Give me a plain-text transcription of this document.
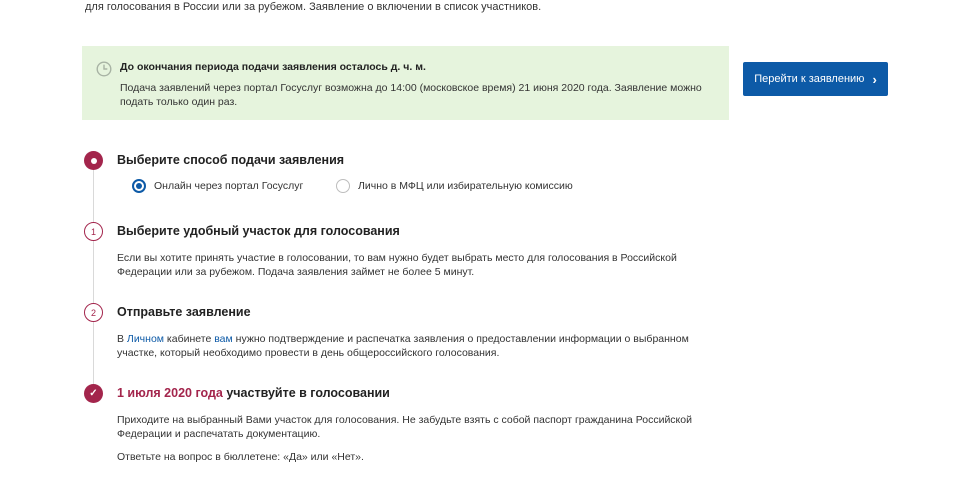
для голосования в России или за рубежом. Заявление о включении в список участников.
До окончания периода подачи заявления осталось д. ч. м.
Подача заявлений через портал Госуслуг возможна до 14:00 (московское время) 21 июня 2020 года. Заявление можно подать только один раз.
Перейти к заявлению ›
Выберите способ подачи заявления
Онлайн через портал Госуслуг	Лично в МФЦ или избирательную комиссию
1 Выберите удобный участок для голосования
Если вы хотите принять участие в голосовании, то вам нужно будет выбрать место для голосования в Российской Федерации или за рубежом. Подача заявления займет не более 5 минут.
2 Отправьте заявление
В Личном кабинете вам нужно подтверждение и распечатка заявления о предоставлении информации о выбранном участке, который необходимо провести в день общероссийского голосования.
✓ 1 июля 2020 года участвуйте в голосовании
Приходите на выбранный Вами участок для голосования. Не забудьте взять с собой паспорт гражданина Российской Федерации и распечатать документацию.
Ответьте на вопрос в бюллетене: «Да» или «Нет».
